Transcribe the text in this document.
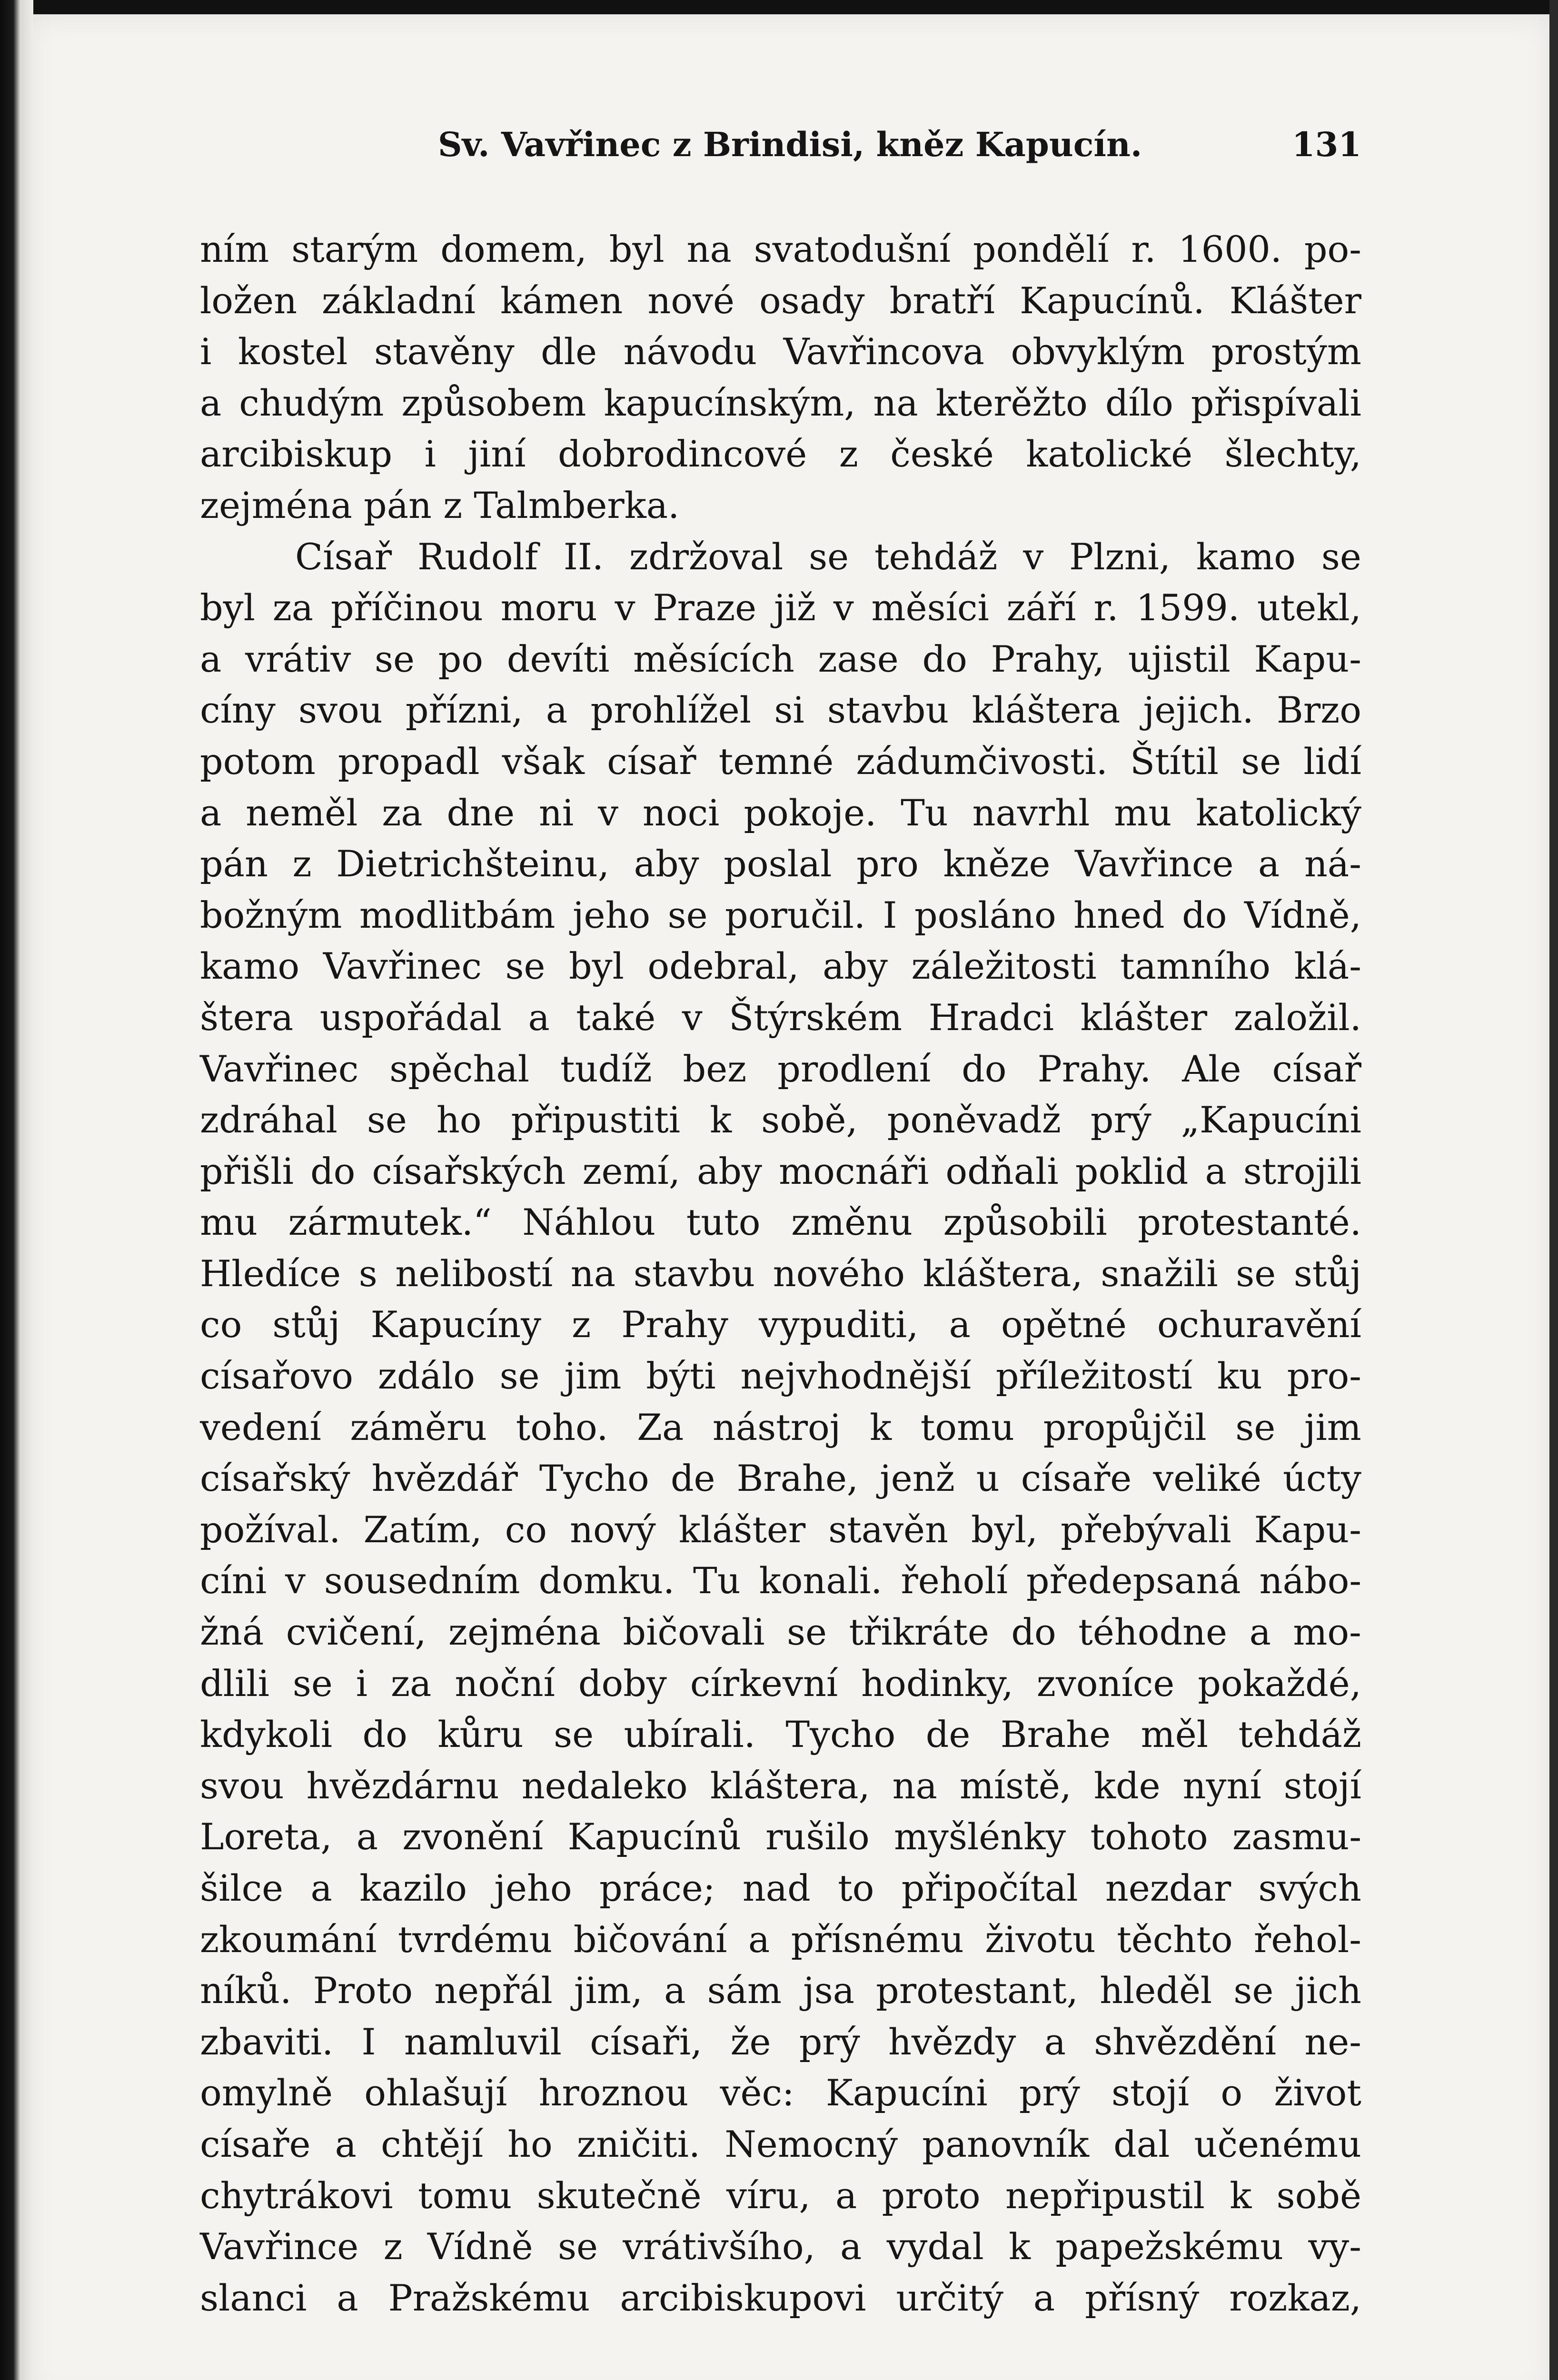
Sv. Vavřinec z Brindisi, kněz Kapucín.	131
ním starým domem, byl na svatodušní pondělí r. 1600. po-
ložen základní kámen nové osady bratří Kapucínů. Klášter
i kostel stavěny dle návodu Vavřincova obvyklým prostým
a chudým způsobem kapucínským, na kterěžto dílo přispívali
arcibiskup i jiní dobrodincové z české katolické šlechty,
zejména pán z Talmberka.
Císař Rudolf II. zdržoval se tehdáž v Plzni, kamo se
byl za příčinou moru v Praze již v měsíci září r. 1599. utekl,
a vrátiv se po devíti měsících zase do Prahy, ujistil Kapu-
cíny svou přízni, a prohlížel si stavbu kláštera jejich. Brzo
potom propadl však císař temné zádumčivosti. Štítil se lidí
a neměl za dne ni v noci pokoje. Tu navrhl mu katolický
pán z Dietrichšteinu, aby poslal pro kněze Vavřince a ná-
božným modlitbám jeho se poručil. I posláno hned do Vídně,
kamo Vavřinec se byl odebral, aby záležitosti tamního klá-
štera uspořádal a také v Štýrském Hradci klášter založil.
Vavřinec spěchal tudíž bez prodlení do Prahy. Ale císař
zdráhal se ho připustiti k sobě, poněvadž prý „Kapucíni
přišli do císařských zemí, aby mocnáři odňali poklid a strojili
mu zármutek.“ Náhlou tuto změnu způsobili protestanté.
Hledíce s nelibostí na stavbu nového kláštera, snažili se stůj
co stůj Kapucíny z Prahy vypuditi, a opětné ochuravění
císařovo zdálo se jim býti nejvhodnější příležitostí ku pro-
vedení záměru toho. Za nástroj k tomu propůjčil se jim
císařský hvězdář Tycho de Brahe, jenž u císaře veliké úcty
požíval. Zatím, co nový klášter stavěn byl, přebývali Kapu-
cíni v sousedním domku. Tu konali. řeholí předepsaná nábo-
žná cvičení, zejména bičovali se třikráte do téhodne a mo-
dlili se i za noční doby církevní hodinky, zvoníce pokaždé,
kdykoli do kůru se ubírali. Tycho de Brahe měl tehdáž
svou hvězdárnu nedaleko kláštera, na místě, kde nyní stojí
Loreta, a zvonění Kapucínů rušilo myšlénky tohoto zasmu-
šilce a kazilo jeho práce; nad to připočítal nezdar svých
zkoumání tvrdému bičování a přísnému životu těchto řehol-
níků. Proto nepřál jim, a sám jsa protestant, hleděl se jich
zbaviti. I namluvil císaři, že prý hvězdy a shvězdění ne-
omylně ohlašují hroznou věc: Kapucíni prý stojí o život
císaře a chtějí ho zničiti. Nemocný panovník dal učenému
chytrákovi tomu skutečně víru, a proto nepřipustil k sobě
Vavřince z Vídně se vrátivšího, a vydal k papežskému vy-
slanci a Pražskému arcibiskupovi určitý a přísný rozkaz,
